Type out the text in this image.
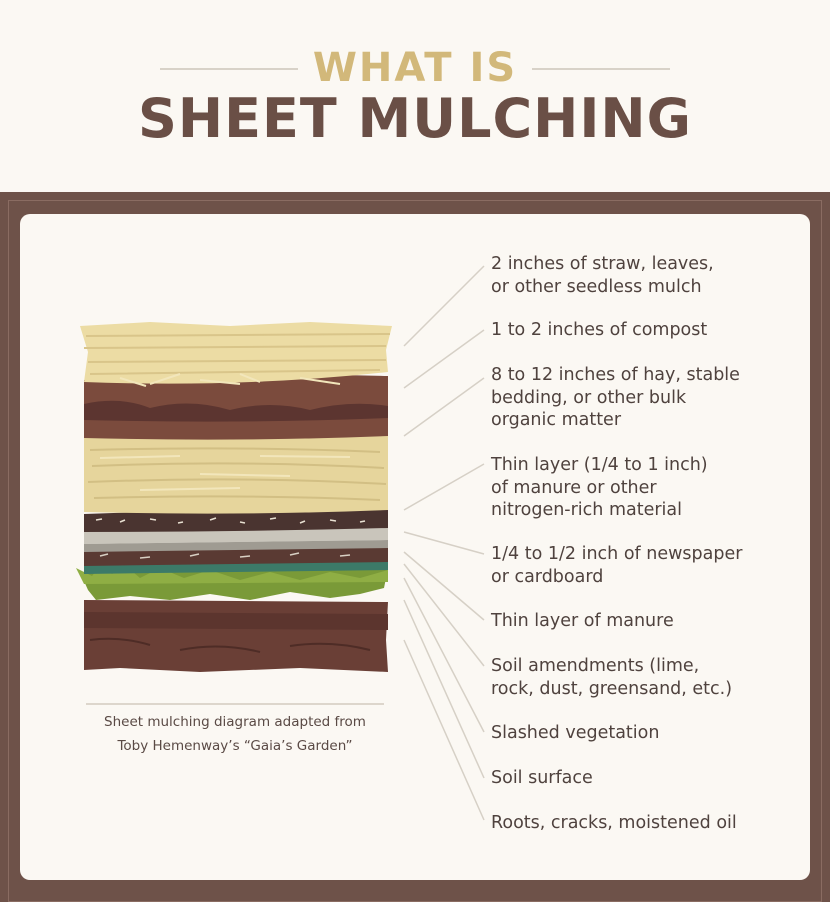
WHAT IS
SHEET MULCHING
Sheet mulching diagram adapted from
Toby Hemenway’s “Gaia’s Garden”
2 inches of straw, leaves,
or other seedless mulch
1 to 2 inches of compost
8 to 12 inches of hay, stable
bedding, or other bulk
organic matter
Thin layer (1/4 to 1 inch)
of manure or other
nitrogen-rich material
1/4 to 1/2 inch of newspaper
or cardboard
Thin layer of manure
Soil amendments (lime,
rock, dust, greensand, etc.)
Slashed vegetation
Soil surface
Roots, cracks, moistened oil
